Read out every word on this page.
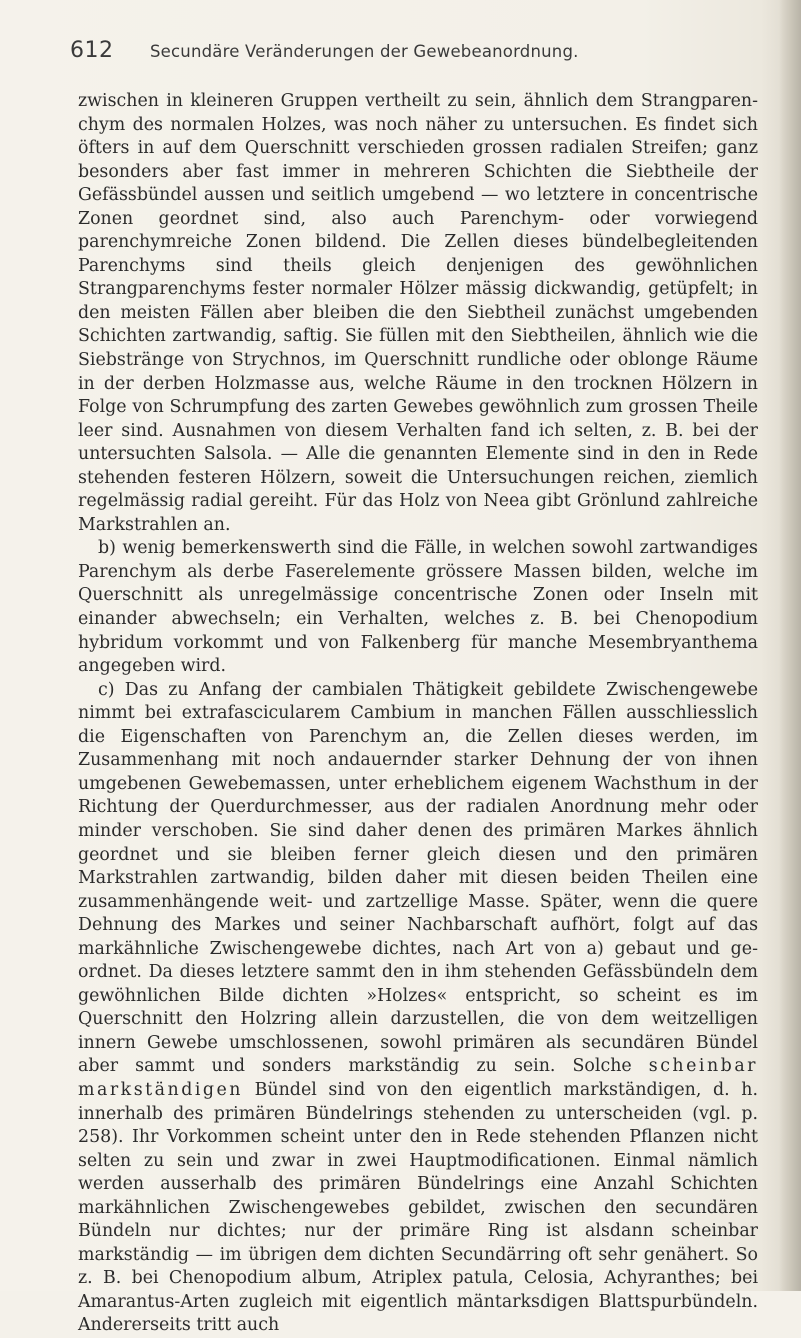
612	Secundäre Veränderungen der Gewebeanordnung.

zwischen in kleineren Gruppen vertheilt zu sein, ähnlich dem Strangparenchym des normalen Holzes, was noch näher zu untersuchen. Es findet sich öfters in auf dem Querschnitt verschieden grossen radialen Streifen; ganz besonders aber fast immer in mehreren Schichten die Siebtheile der Gefässbündel aussen und seitlich umgebend — wo letztere in concentrische Zonen geordnet sind, also auch Parenchym- oder vorwiegend parenchymreiche Zonen bildend. Die Zellen dieses bündelbegleitenden Parenchyms sind theils gleich denjenigen des gewöhnlichen Strangparenchyms fester normaler Hölzer mässig dickwandig, getüpfelt; in den meisten Fällen aber bleiben die den Siebtheil zunächst umgebenden Schichten zartwandig, saftig. Sie füllen mit den Siebtheilen, ähnlich wie die Siebstränge von Strychnos, im Querschnitt rundliche oder oblonge Räume in der derben Holzmasse aus, welche Räume in den trocknen Hölzern in Folge von Schrumpfung des zarten Gewebes gewöhnlich zum grossen Theile leer sind. Ausnahmen von diesem Verhalten fand ich selten, z. B. bei der untersuchten Salsola. — Alle die genannten Elemente sind in den in Rede stehenden festeren Hölzern, soweit die Untersuchungen reichen, ziemlich regelmässig radial gereiht. Für das Holz von Neea gibt Grönlund zahlreiche Markstrahlen an.

b) wenig bemerkenswerth sind die Fälle, in welchen sowohl zartwandiges Parenchym als derbe Faserelemente grössere Massen bilden, welche im Querschnitt als unregelmässige concentrische Zonen oder Inseln mit einander abwechseln; ein Verhalten, welches z. B. bei Chenopodium hybridum vorkommt und von Falkenberg für manche Mesembryanthema angegeben wird.

c) Das zu Anfang der cambialen Thätigkeit gebildete Zwischengewebe nimmt bei extrafascicularem Cambium in manchen Fällen ausschliesslich die Eigenschaften von Parenchym an, die Zellen dieses werden, im Zusammenhang mit noch andauernder starker Dehnung der von ihnen umgebenen Gewebemassen, unter erheblichem eigenem Wachsthum in der Richtung der Querdurchmesser, aus der radialen Anordnung mehr oder minder verschoben. Sie sind daher denen des primären Markes ähnlich geordnet und sie bleiben ferner gleich diesen und den primären Markstrahlen zartwandig, bilden daher mit diesen beiden Theilen eine zusammenhängende weit- und zartzellige Masse. Später, wenn die quere Dehnung des Markes und seiner Nachbarschaft aufhört, folgt auf das markähnliche Zwischengewebe dichtes, nach Art von a) gebaut und geordnet. Da dieses letztere sammt den in ihm stehenden Gefässbündeln dem gewöhnlichen Bilde dichten »Holzes« entspricht, so scheint es im Querschnitt den Holzring allein darzustellen, die von dem weitzelligen innern Gewebe umschlossenen, sowohl primären als secundären Bündel aber sammt und sonders markständig zu sein. Solche scheinbar markständigen Bündel sind von den eigentlich markständigen, d. h. innerhalb des primären Bündelrings stehenden zu unterscheiden (vgl. p. 258). Ihr Vorkommen scheint unter den in Rede stehenden Pflanzen nicht selten zu sein und zwar in zwei Hauptmodificationen. Einmal nämlich werden ausserhalb des primären Bündelrings eine Anzahl Schichten markähnlichen Zwischengewebes gebildet, zwischen den secundären Bündeln nur dichtes; nur der primäre Ring ist alsdann scheinbar markständig — im übrigen dem dichten Secundärring oft sehr genähert. So z. B. bei Chenopodium album, Atriplex patula, Celosia, Achyranthes; bei Amarantus-Arten zugleich mit eigentlich mäntarksdigen Blattspurbündeln. Andererseits tritt auch
